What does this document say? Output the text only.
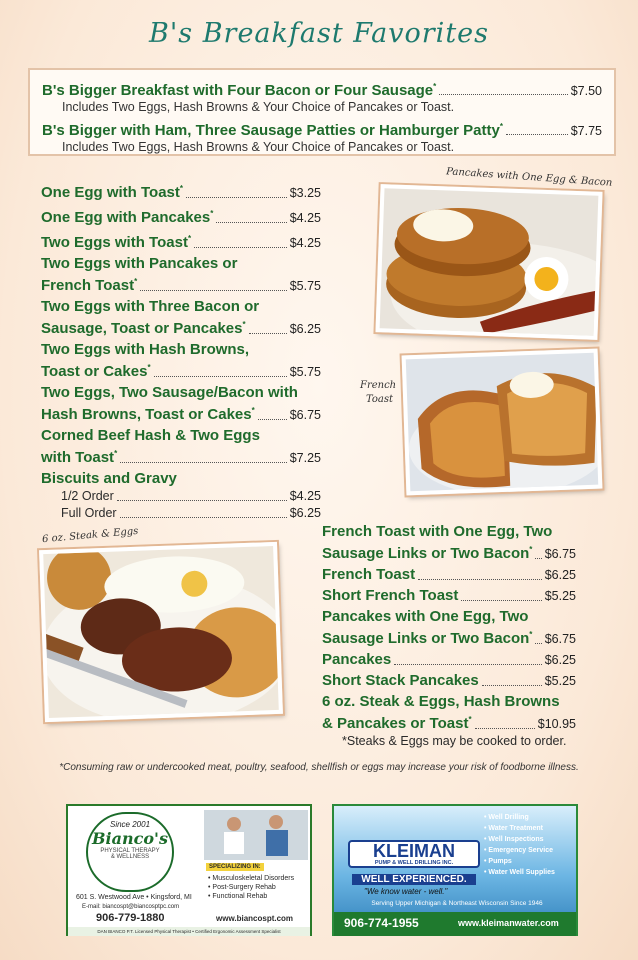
B's Breakfast Favorites
B's Bigger Breakfast with Four Bacon or Four Sausage*	$7.50
Includes Two Eggs, Hash Browns & Your Choice of Pancakes or Toast.
B's Bigger with Ham, Three Sausage Patties or Hamburger Patty*	$7.75
Includes Two Eggs, Hash Browns & Your Choice of Pancakes or Toast.
One Egg with Toast*	$3.25
One Egg with Pancakes*	$4.25
Two Eggs with Toast*	$4.25
Two Eggs with Pancakes or
French Toast*	$5.75
Two Eggs with Three Bacon or
Sausage, Toast or Pancakes*	$6.25
Two Eggs with Hash Browns,
Toast or Cakes*	$5.75
Two Eggs, Two Sausage/Bacon with
Hash Browns, Toast or Cakes*	$6.75
Corned Beef Hash & Two Eggs
with Toast*	$7.25
Biscuits and Gravy
1/2 Order	$4.25
Full Order	$6.25
Pancakes with One Egg & Bacon
French
Toast
6 oz. Steak & Eggs	French Toast with One Egg, Two
Sausage Links or Two Bacon* $6.75
French Toast	$6.25
Short French Toast	$5.25
Pancakes with One Egg, Two
Sausage Links or Two Bacon* $6.75
Pancakes	$6.25
Short Stack Pancakes	$5.25
6 oz. Steak & Eggs, Hash Browns
& Pancakes or Toast*	$10.95
*Steaks & Eggs may be cooked to order.
*Consuming raw or undercooked meat, poultry, seafood, shellfish or eggs may increase your risk of foodborne illness.
Since 2001
Bianco's
PHYSICAL THERAPY
& WELLNESS
SPECIALIZING IN:
• Musculoskeletal Disorders
• Post-Surgery Rehab
• Functional Rehab
601 S. Westwood Ave • Kingsford, MI
E-mail: biancospt@biancosptpc.com
906-779-1880	www.biancospt.com
DAN BIANCO P.T. Licensed Physical Therapist • Certified Ergonomic Assessment Specialist
KLEIMAN
PUMP & WELL DRILLING INC.
WELL EXPERIENCED.
"We know water - well."
• Well Drilling
• Water Treatment
• Well Inspections
• Emergency Service
• Pumps
• Water Well Supplies
Serving Upper Michigan & Northeast Wisconsin Since 1946
906-774-1955	www.kleimanwater.com
